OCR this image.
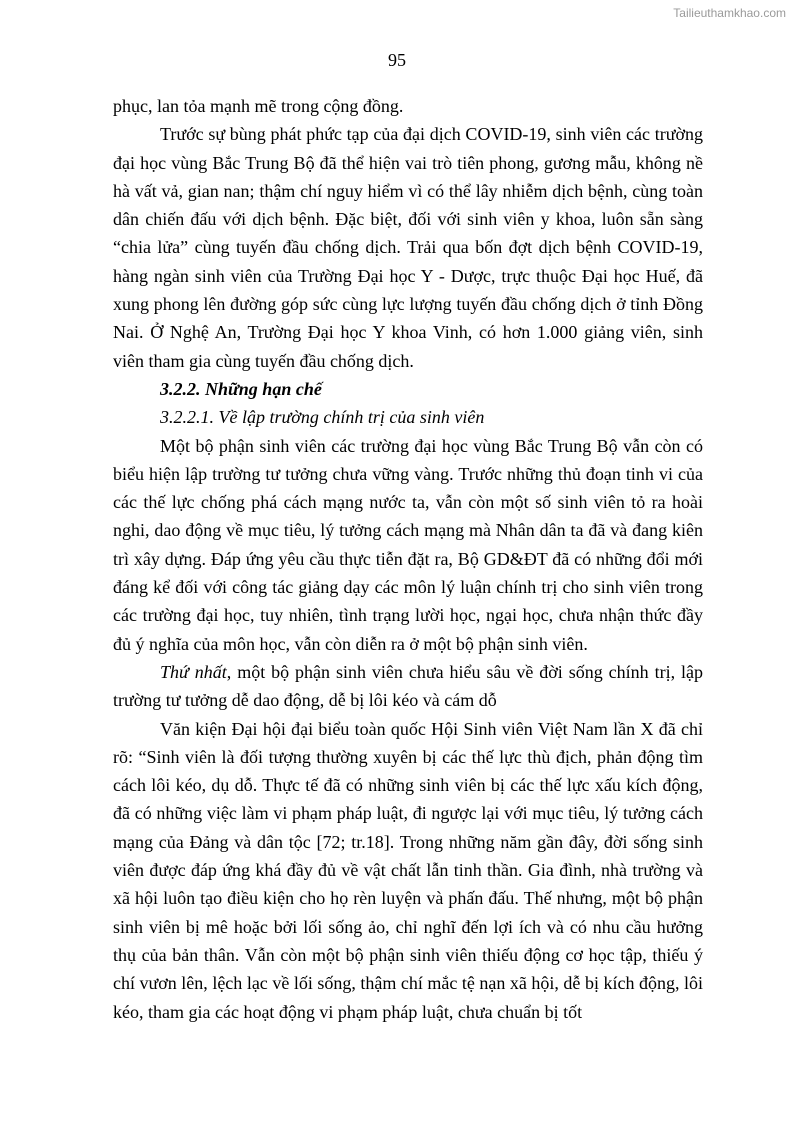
Tailieuthamkhao.com
95

phục, lan tỏa mạnh mẽ trong cộng đồng.

Trước sự bùng phát phức tạp của đại dịch COVID-19, sinh viên các trường đại học vùng Bắc Trung Bộ đã thể hiện vai trò tiên phong, gương mẫu, không nề hà vất vả, gian nan; thậm chí nguy hiểm vì có thể lây nhiễm dịch bệnh, cùng toàn dân chiến đấu với dịch bệnh. Đặc biệt, đối với sinh viên y khoa, luôn sẵn sàng “chia lửa” cùng tuyến đầu chống dịch. Trải qua bốn đợt dịch bệnh COVID-19, hàng ngàn sinh viên của Trường Đại học Y - Dược, trực thuộc Đại học Huế, đã xung phong lên đường góp sức cùng lực lượng tuyến đầu chống dịch ở tỉnh Đồng Nai. Ở Nghệ An, Trường Đại học Y khoa Vinh, có hơn 1.000 giảng viên, sinh viên tham gia cùng tuyến đầu chống dịch.

3.2.2. Những hạn chế

3.2.2.1. Về lập trường chính trị của sinh viên

Một bộ phận sinh viên các trường đại học vùng Bắc Trung Bộ vẫn còn có biểu hiện lập trường tư tưởng chưa vững vàng. Trước những thủ đoạn tinh vi của các thế lực chống phá cách mạng nước ta, vẫn còn một số sinh viên tỏ ra hoài nghi, dao động về mục tiêu, lý tưởng cách mạng mà Nhân dân ta đã và đang kiên trì xây dựng. Đáp ứng yêu cầu thực tiễn đặt ra, Bộ GD&ĐT đã có những đổi mới đáng kể đối với công tác giảng dạy các môn lý luận chính trị cho sinh viên trong các trường đại học, tuy nhiên, tình trạng lười học, ngại học, chưa nhận thức đầy đủ ý nghĩa của môn học, vẫn còn diễn ra ở một bộ phận sinh viên.

Thứ nhất, một bộ phận sinh viên chưa hiểu sâu về đời sống chính trị, lập trường tư tưởng dễ dao động, dễ bị lôi kéo và cám dỗ

Văn kiện Đại hội đại biểu toàn quốc Hội Sinh viên Việt Nam lần X đã chỉ rõ: “Sinh viên là đối tượng thường xuyên bị các thế lực thù địch, phản động tìm cách lôi kéo, dụ dỗ. Thực tế đã có những sinh viên bị các thế lực xấu kích động, đã có những việc làm vi phạm pháp luật, đi ngược lại với mục tiêu, lý tưởng cách mạng của Đảng và dân tộc [72; tr.18]. Trong những năm gần đây, đời sống sinh viên được đáp ứng khá đầy đủ về vật chất lẫn tinh thần. Gia đình, nhà trường và xã hội luôn tạo điều kiện cho họ rèn luyện và phấn đấu. Thế nhưng, một bộ phận sinh viên bị mê hoặc bởi lối sống ảo, chỉ nghĩ đến lợi ích và có nhu cầu hưởng thụ của bản thân. Vẫn còn một bộ phận sinh viên thiếu động cơ học tập, thiếu ý chí vươn lên, lệch lạc về lối sống, thậm chí mắc tệ nạn xã hội, dễ bị kích động, lôi kéo, tham gia các hoạt động vi phạm pháp luật, chưa chuẩn bị tốt
